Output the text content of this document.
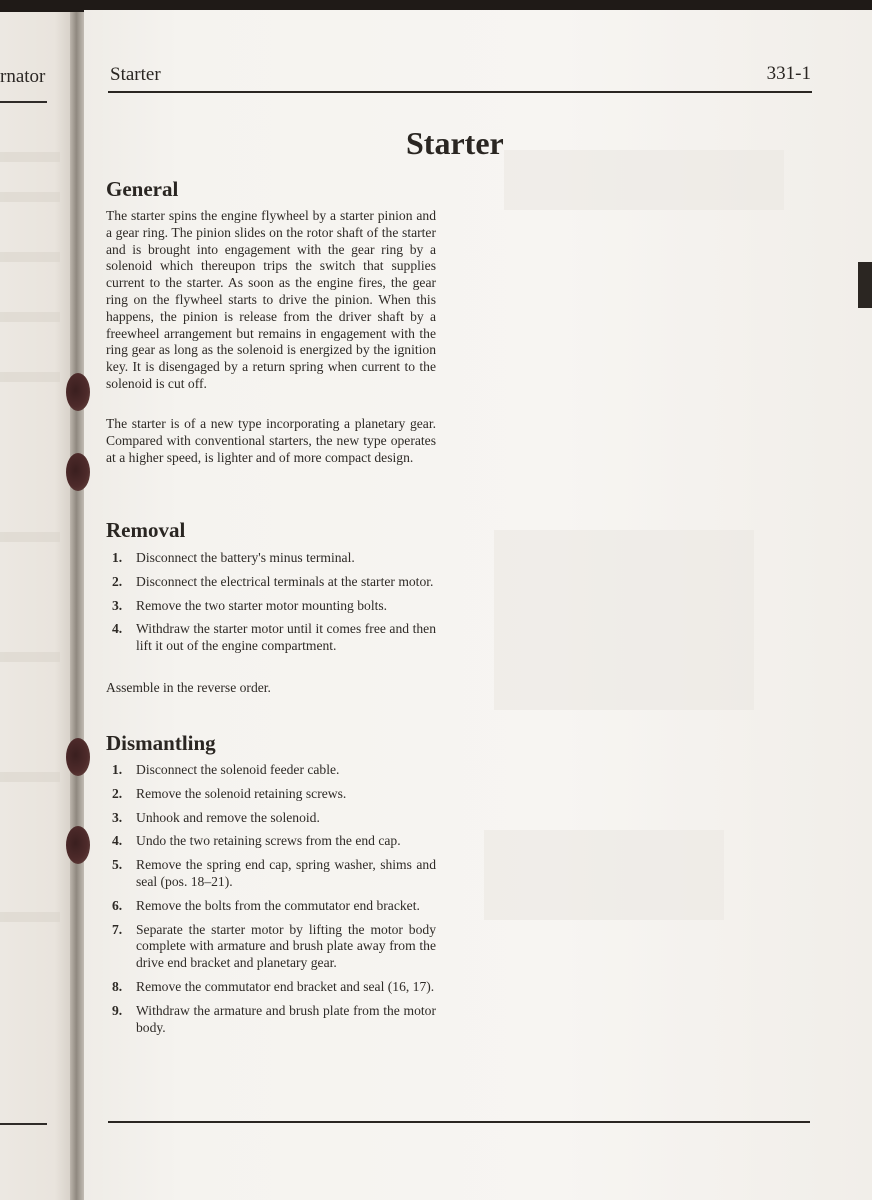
rnator	Starter	331-1
Starter
General

The starter spins the engine flywheel by a starter pinion and a gear ring. The pinion slides on the rotor shaft of the starter and is brought into engagement with the gear ring by a solenoid which thereupon trips the switch that supplies current to the starter. As soon as the engine fires, the gear ring on the flywheel starts to drive the pinion. When this happens, the pinion is release from the driver shaft by a freewheel arrangement but remains in engagement with the ring gear as long as the solenoid is energized by the ignition key. It is disengaged by a return spring when current to the solenoid is cut off.

The starter is of a new type incorporating a planetary gear. Compared with conventional starters, the new type operates at a higher speed, is lighter and of more compact design.

Removal
1. Disconnect the battery's minus terminal.
2. Disconnect the electrical terminals at the starter motor.
3. Remove the two starter motor mounting bolts.
4. Withdraw the starter motor until it comes free and then lift it out of the engine compartment.

Assemble in the reverse order.

Dismantling
1. Disconnect the solenoid feeder cable.
2. Remove the solenoid retaining screws.
3. Unhook and remove the solenoid.
4. Undo the two retaining screws from the end cap.
5. Remove the spring end cap, spring washer, shims and seal (pos. 18–21).
6. Remove the bolts from the commutator end bracket.
7. Separate the starter motor by lifting the motor body complete with armature and brush plate away from the drive end bracket and planetary gear.
8. Remove the commutator end bracket and seal (16, 17).
9. Withdraw the armature and brush plate from the motor body.
